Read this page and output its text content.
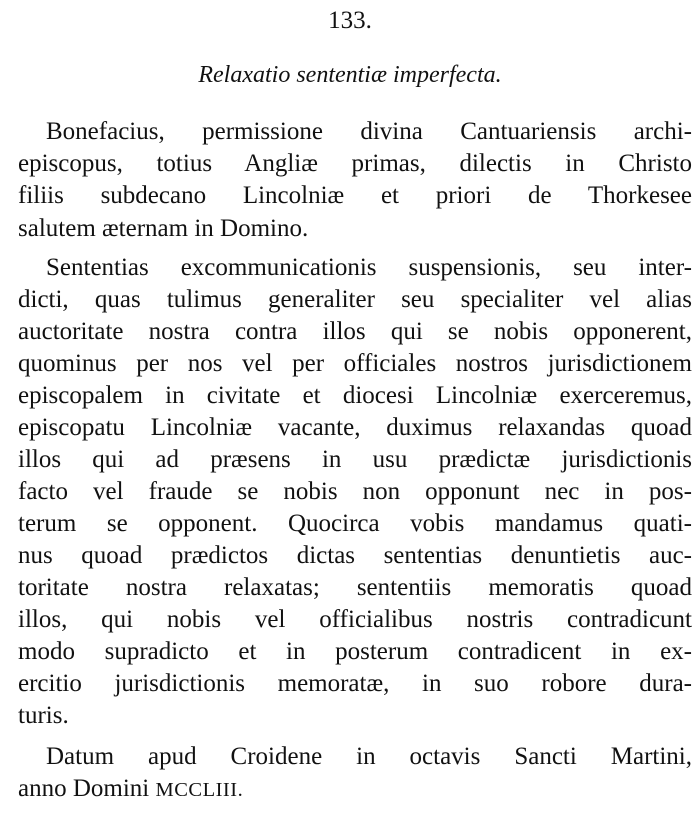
133.
Relaxatio sententiæ imperfecta.
Bonefacius, permissione divina Cantuariensis archi-
episcopus, totius Angliæ primas, dilectis in Christo
filiis subdecano Lincolniæ et priori de Thorkesee
salutem æternam in Domino.
Sententias excommunicationis suspensionis, seu inter-
dicti, quas tulimus generaliter seu specialiter vel alias
auctoritate nostra contra illos qui se nobis opponerent,
quominus per nos vel per officiales nostros jurisdictionem
episcopalem in civitate et diocesi Lincolniæ exerceremus,
episcopatu Lincolniæ vacante, duximus relaxandas quoad
illos qui ad præsens in usu prædictæ jurisdictionis
facto vel fraude se nobis non opponunt nec in pos-
terum se opponent. Quocirca vobis mandamus quati-
nus quoad prædictos dictas sententias denuntietis auc-
toritate nostra relaxatas; sententiis memoratis quoad
illos, qui nobis vel officialibus nostris contradicunt
modo supradicto et in posterum contradicent in ex-
ercitio jurisdictionis memoratæ, in suo robore dura-
turis.
Datum apud Croidene in octavis Sancti Martini,
anno Domini MCCLIII.
